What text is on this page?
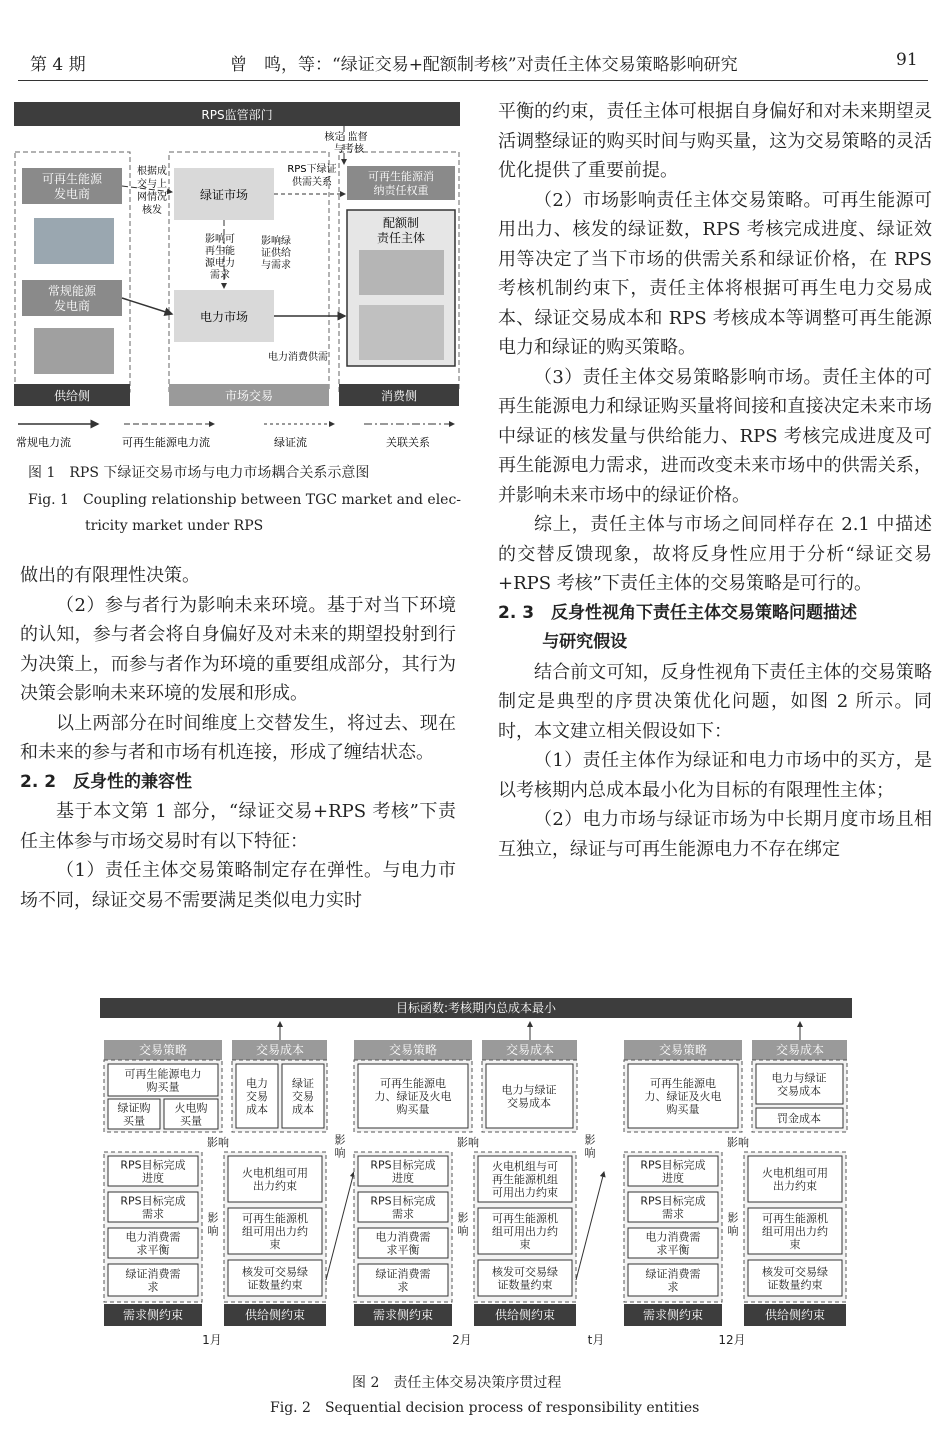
第 4 期	曾　鸣，等：“绿证交易+配额制考核”对责任主体交易策略影响研究	91
RPS监管部门
可再生能源发电商
常规能源发电商
绿证市场
电力市场
可再生能源消纳责任权重
配额制责任主体
核定 监督与考核
根据成交与上网情况核发
RPS下绿证供需关系
影响可再生能源电力需求
影响绿证供给与需求
电力消费供需
供给侧	市场交易	消费侧
常规电力流	可再生能源电力流	绿证流	关联关系
图 1　RPS 下绿证交易市场与电力市场耦合关系示意图
Fig. 1　Coupling relationship between TGC market and elec-
tricity market under RPS

做出的有限理性决策。

（2）参与者行为影响未来环境。基于对当下环境的认知，参与者会将自身偏好及对未来的期望投射到行为决策上，而参与者作为环境的重要组成部分，其行为决策会影响未来环境的发展和形成。

以上两部分在时间维度上交替发生，将过去、现在和未来的参与者和市场有机连接，形成了缠结状态。

2. 2　反身性的兼容性

基于本文第 1 部分，“绿证交易+RPS 考核”下责任主体参与市场交易时有以下特征：

（1）责任主体交易策略制定存在弹性。与电力市场不同，绿证交易不需要满足类似电力实时

平衡的约束，责任主体可根据自身偏好和对未来期望灵活调整绿证的购买时间与购买量，这为交易策略的灵活优化提供了重要前提。

（2）市场影响责任主体交易策略。可再生能源可用出力、核发的绿证数，RPS 考核完成进度、绿证效用等决定了当下市场的供需关系和绿证价格，在 RPS 考核机制约束下，责任主体将根据可再生电力交易成本、绿证交易成本和 RPS 考核成本等调整可再生能源电力和绿证的购买策略。

（3）责任主体交易策略影响市场。责任主体的可再生能源电力和绿证购买量将间接和直接决定未来市场中绿证的核发量与供给能力、RPS 考核完成进度及可再生能源电力需求，进而改变未来市场中的供需关系，并影响未来市场中的绿证价格。

综上，责任主体与市场之间同样存在 2.1 中描述的交替反馈现象，故将反身性应用于分析“绿证交易+RPS 考核”下责任主体的交易策略是可行的。

2. 3　反身性视角下责任主体交易策略问题描述

与研究假设

结合前文可知，反身性视角下责任主体的交易策略制定是典型的序贯决策优化问题，如图 2 所示。同时，本文建立相关假设如下：

（1）责任主体作为绿证和电力市场中的买方，是以考核期内总成本最小化为目标的有限理性主体；

（2）电力市场与绿证市场为中长期月度市场且相互独立，绿证与可再生能源电力不存在绑定

目标函数:考核期内总成本最小
交易策略	交易成本
可再生能源电力购买量
绿证购买量
火电购买量
电力交易成本
绿证交易成本
影响
RPS目标完成进度
RPS目标完成需求
电力消费需求平衡
绿证消费需求
需求侧约束
影响
火电机组可用出力约束
可再生能源机组可用出力约束
核发可交易绿证数量约束
供给侧约束
1月
影响
交易策略	交易成本
可再生能源电力、绿证及火电购买量
电力与绿证交易成本
影响
RPS目标完成进度
RPS目标完成需求
电力消费需求平衡
绿证消费需求
需求侧约束
影响
火电机组与可再生能源机组可用出力约束
可再生能源机组可用出力约束
核发可交易绿证数量约束
供给侧约束
2月
影响
交易策略	交易成本
可再生能源电力、绿证及火电购买量
电力与绿证交易成本
罚金成本
影响
RPS目标完成进度
RPS目标完成需求
电力消费需求平衡
绿证消费需求
需求侧约束
影响
火电机组可用出力约束
可再生能源机组可用出力约束
核发可交易绿证数量约束
供给侧约束
12月
t月
图 2　责任主体交易决策序贯过程
Fig. 2　Sequential decision process of responsibility entities
